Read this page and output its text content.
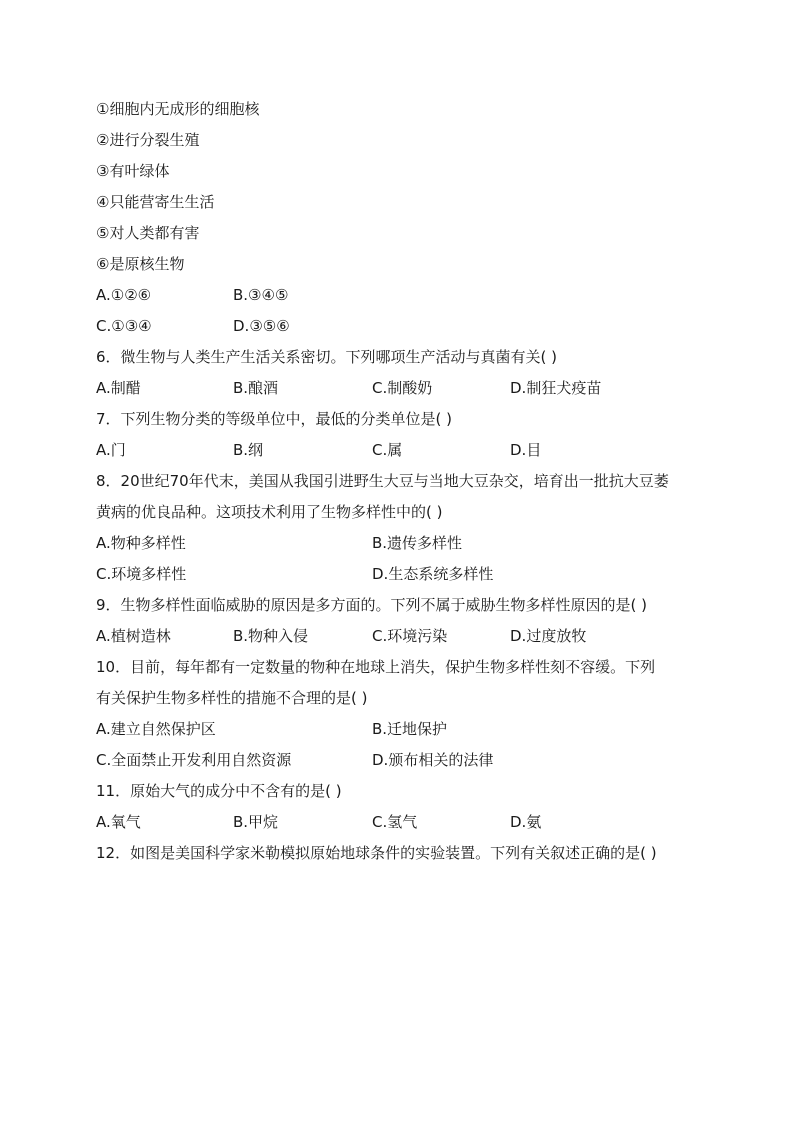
①细胞内无成形的细胞核
②进行分裂生殖
③有叶绿体
④只能营寄生生活
⑤对人类都有害
⑥是原核生物
A.①②⑥	B.③④⑤
C.①③④	D.③⑤⑥
6．微生物与人类生产生活关系密切。下列哪项生产活动与真菌有关( )
A.制醋	B.酿酒	C.制酸奶	D.制狂犬疫苗
7．下列生物分类的等级单位中，最低的分类单位是( )
A.门	B.纲	C.属	D.目
8．20世纪70年代末，美国从我国引进野生大豆与当地大豆杂交，培育出一批抗大豆萎
黄病的优良品种。这项技术利用了生物多样性中的( )
A.物种多样性	B.遗传多样性
C.环境多样性	D.生态系统多样性
9．生物多样性面临威胁的原因是多方面的。下列不属于威胁生物多样性原因的是( )
A.植树造林	B.物种入侵	C.环境污染	D.过度放牧
10．目前，每年都有一定数量的物种在地球上消失，保护生物多样性刻不容缓。下列
有关保护生物多样性的措施不合理的是( )
A.建立自然保护区	B.迁地保护
C.全面禁止开发利用自然资源	D.颁布相关的法律
11．原始大气的成分中不含有的是( )
A.氧气	B.甲烷	C.氢气	D.氨
12．如图是美国科学家米勒模拟原始地球条件的实验装置。下列有关叙述正确的是( )
